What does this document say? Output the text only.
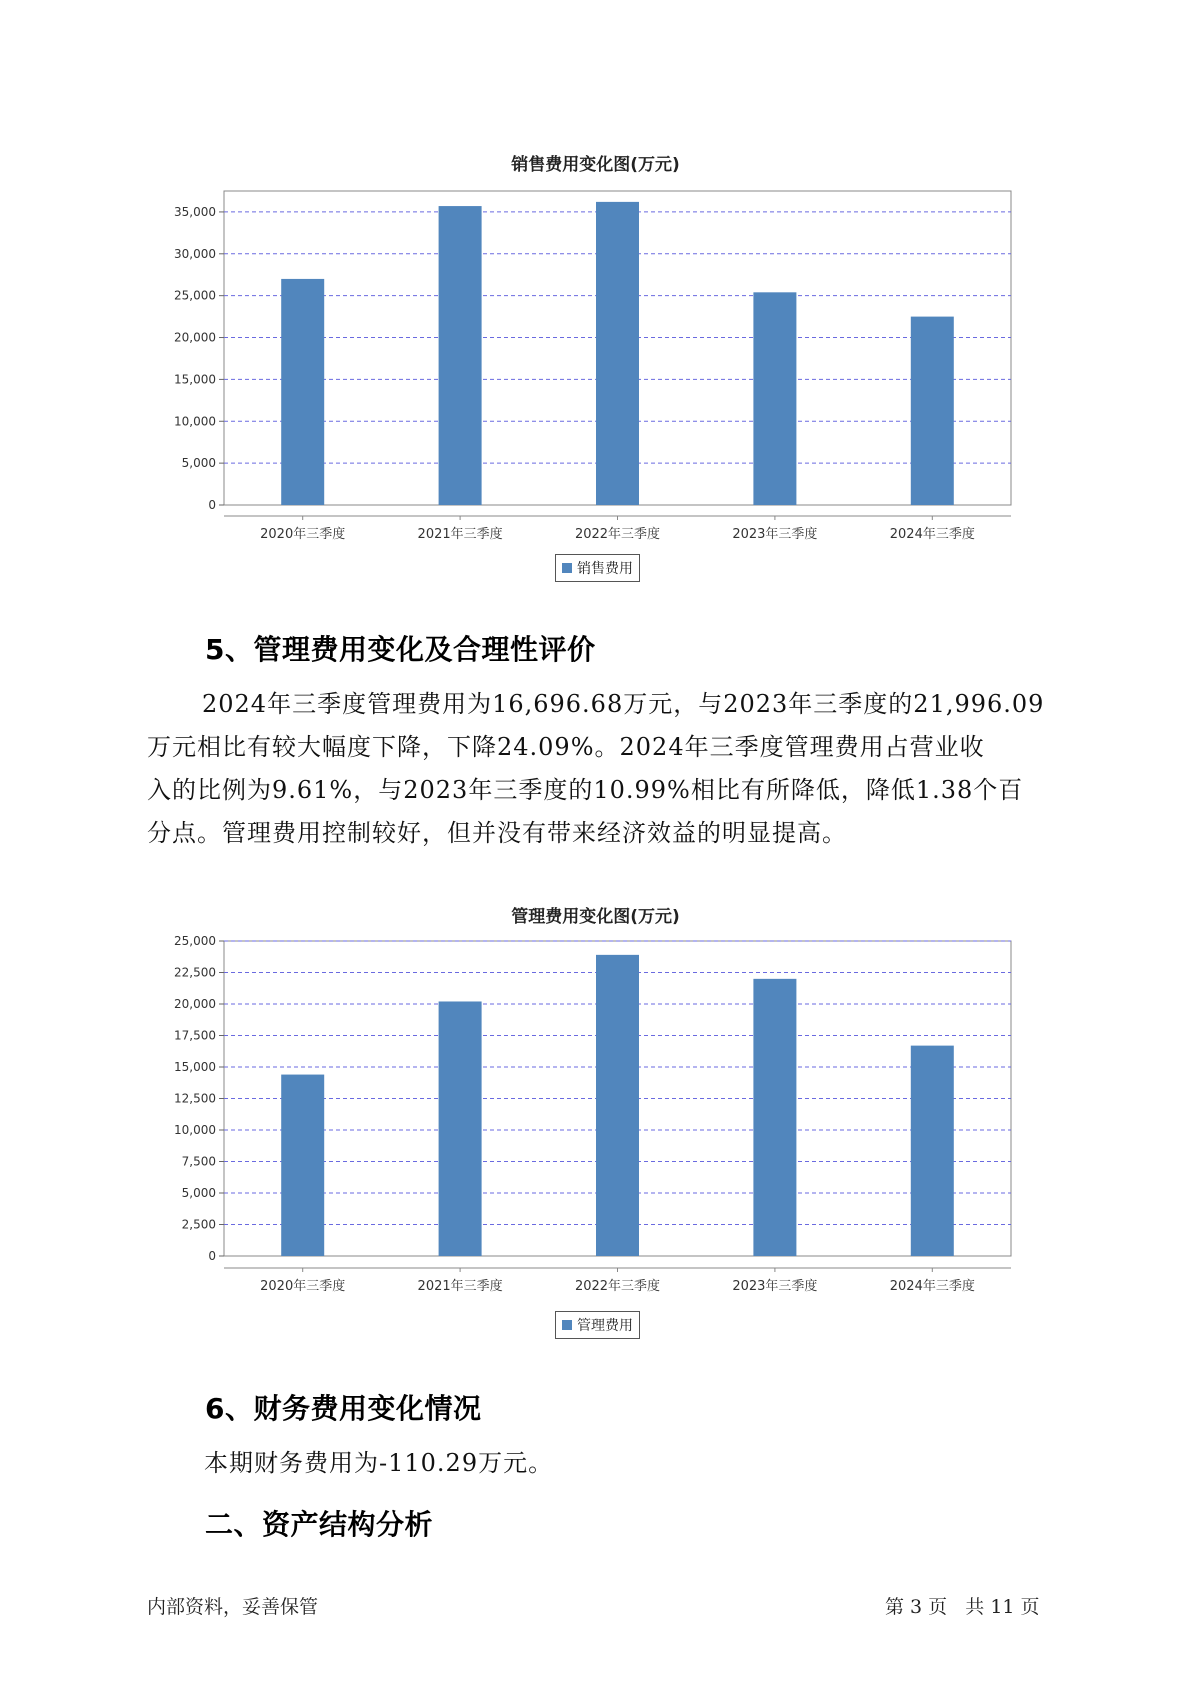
销售费用变化图(万元)
0
5,000
10,000
15,000
20,000
25,000
30,000
35,000
2020年三季度	2021年三季度	2022年三季度	2023年三季度	2024年三季度
销售费用
5、管理费用变化及合理性评价
2024年三季度管理费用为16,696.68万元，与2023年三季度的21,996.09
万元相比有较大幅度下降，下降24.09%。2024年三季度管理费用占营业收
入的比例为9.61%，与2023年三季度的10.99%相比有所降低，降低1.38个百
分点。管理费用控制较好，但并没有带来经济效益的明显提高。
管理费用变化图(万元)
0
2,500
5,000
7,500
10,000
12,500
15,000
17,500
20,000
22,500
25,000
2020年三季度	2021年三季度	2022年三季度	2023年三季度	2024年三季度
管理费用
6、财务费用变化情况
本期财务费用为-110.29万元。
二、资产结构分析
内部资料，妥善保管	第 3 页   共 11 页
